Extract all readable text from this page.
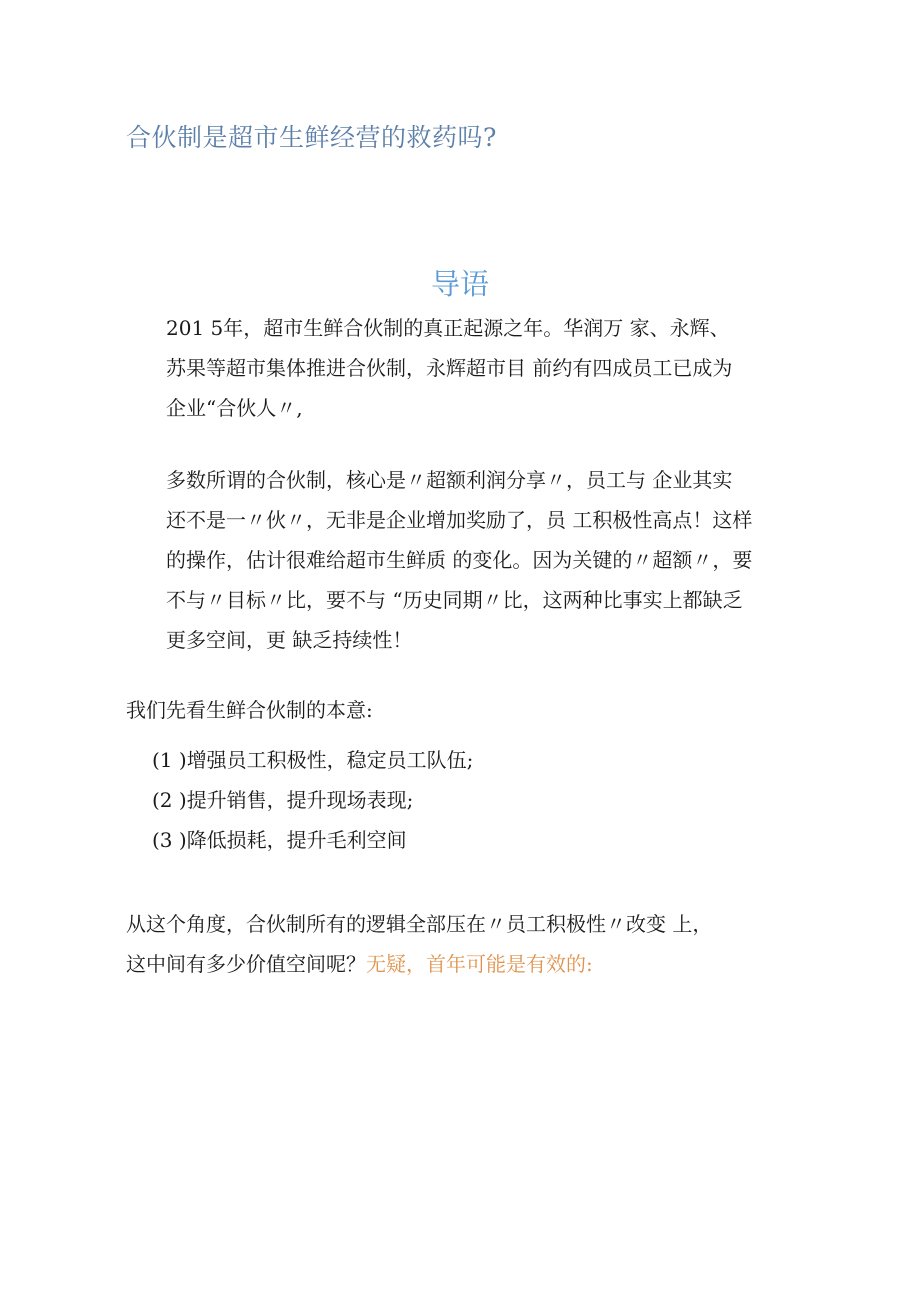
合伙制是超市生鲜经营的救药吗?
导语

201 5年，超市生鲜合伙制的真正起源之年。华润万 家、永辉、
苏果等超市集体推进合伙制，永辉超市目 前约有四成员工已成为
企业“合伙人〃,

多数所谓的合伙制，核心是〃超额利润分享〃，员工与 企业其实
还不是一〃伙〃，无非是企业增加奖励了，员 工积极性高点！这样
的操作，估计很难给超市生鲜质 的变化。因为关键的〃超额〃，要
不与〃目标〃比，要不与 “历史同期〃比，这两种比事实上都缺乏
更多空间，更 缺乏持续性！

我们先看生鲜合伙制的本意:

(1 )增强员工积极性，稳定员工队伍;
(2 )提升销售，提升现场表现;
(3 )降低损耗，提升毛利空间

从这个角度，合伙制所有的逻辑全部压在〃员工积极性〃改变 上，

这中间有多少价值空间呢？无疑，首年可能是有效的:
